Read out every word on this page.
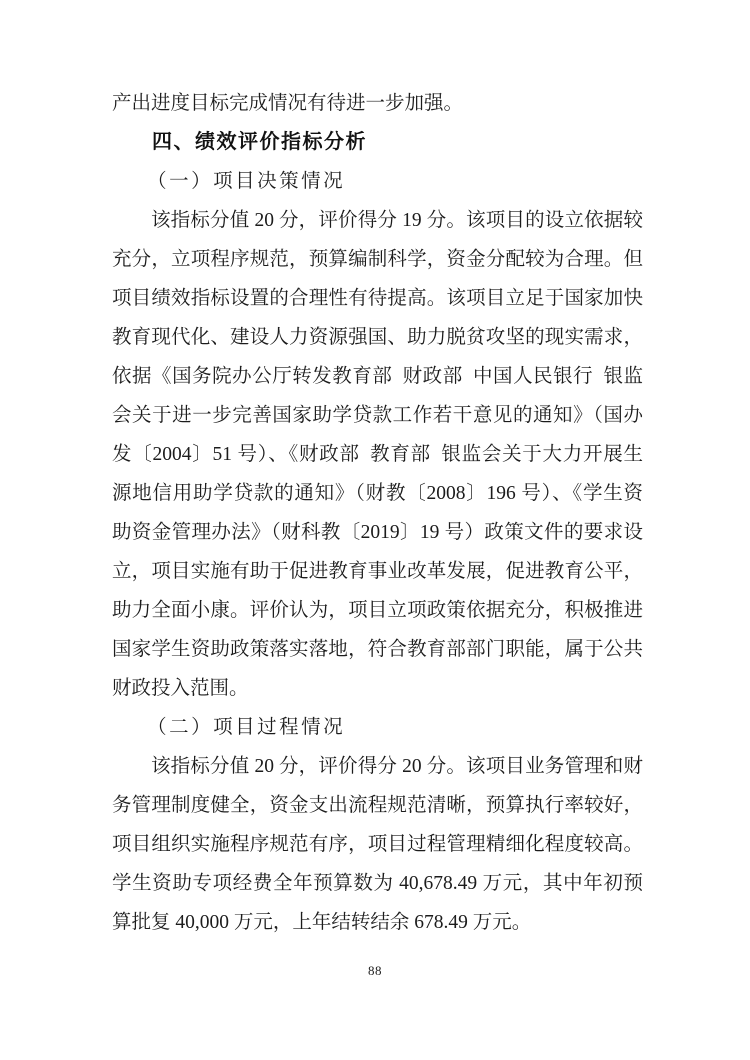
产出进度目标完成情况有待进一步加强。

四、绩效评价指标分析
（一）项目决策情况

该指标分值 20 分，评价得分 19 分。该项目的设立依据较充分，立项程序规范，预算编制科学，资金分配较为合理。但项目绩效指标设置的合理性有待提高。该项目立足于国家加快教育现代化、建设人力资源强国、助力脱贫攻坚的现实需求，依据《国务院办公厅转发教育部 财政部 中国人民银行 银监会关于进一步完善国家助学贷款工作若干意见的通知》（国办发〔2004〕51 号）、《财政部 教育部 银监会关于大力开展生源地信用助学贷款的通知》（财教〔2008〕196 号）、《学生资助资金管理办法》（财科教〔2019〕19 号）政策文件的要求设立，项目实施有助于促进教育事业改革发展，促进教育公平，助力全面小康。评价认为，项目立项政策依据充分，积极推进国家学生资助政策落实落地，符合教育部部门职能，属于公共财政投入范围。

（二）项目过程情况

该指标分值 20 分，评价得分 20 分。该项目业务管理和财务管理制度健全，资金支出流程规范清晰，预算执行率较好，项目组织实施程序规范有序，项目过程管理精细化程度较高。学生资助专项经费全年预算数为 40,678.49 万元，其中年初预算批复 40,000 万元，上年结转结余 678.49 万元。

88
